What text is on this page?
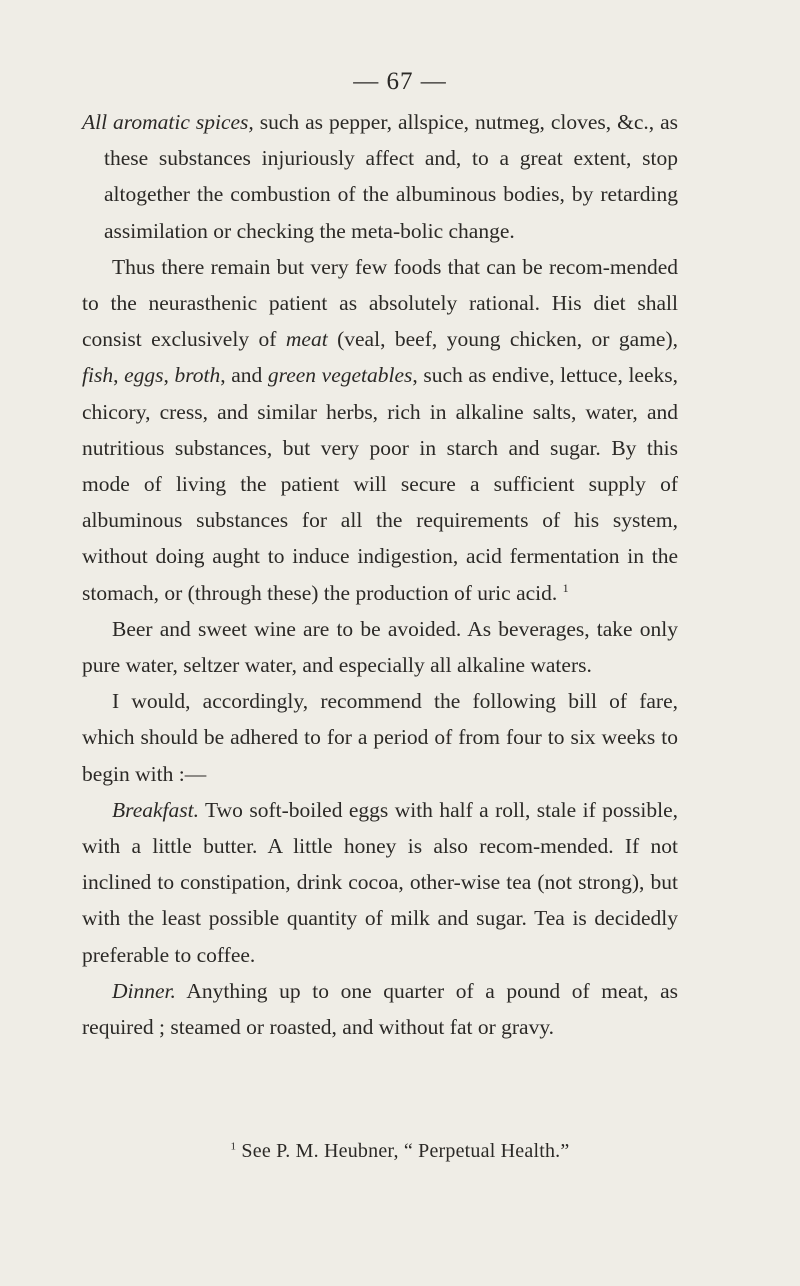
— 67 —

All aromatic spices, such as pepper, allspice, nutmeg, cloves, &c., as these substances injuriously affect and, to a great extent, stop altogether the combustion of the albuminous bodies, by retarding assimilation or checking the meta-bolic change.

Thus there remain but very few foods that can be recom-mended to the neurasthenic patient as absolutely rational. His diet shall consist exclusively of meat (veal, beef, young chicken, or game), fish, eggs, broth, and green vegetables, such as endive, lettuce, leeks, chicory, cress, and similar herbs, rich in alkaline salts, water, and nutritious substances, but very poor in starch and sugar. By this mode of living the patient will secure a sufficient supply of albuminous substances for all the requirements of his system, without doing aught to induce indigestion, acid fermentation in the stomach, or (through these) the production of uric acid. $^1$

Beer and sweet wine are to be avoided. As beverages, take only pure water, seltzer water, and especially all alkaline waters.

I would, accordingly, recommend the following bill of fare, which should be adhered to for a period of from four to six weeks to begin with :—

Breakfast. Two soft-boiled eggs with half a roll, stale if possible, with a little butter. A little honey is also recom-mended. If not inclined to constipation, drink cocoa, other-wise tea (not strong), but with the least possible quantity of milk and sugar. Tea is decidedly preferable to coffee.

Dinner. Anything up to one quarter of a pound of meat, as required ; steamed or roasted, and without fat or gravy.

$^1$ See P. M. Heubner, “ Perpetual Health.”
